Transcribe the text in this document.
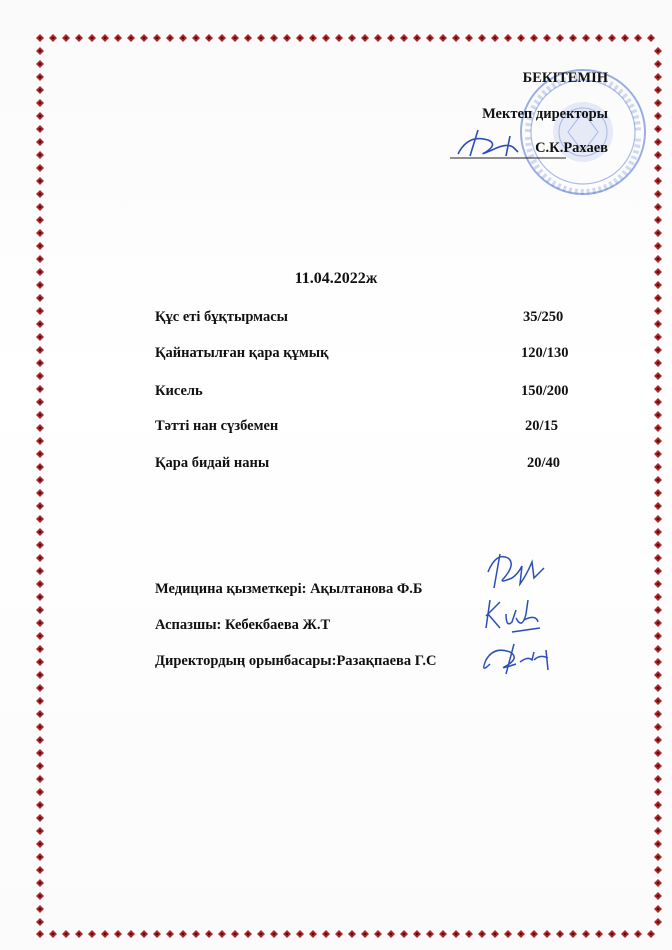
БЕКІТЕМІН
Мектеп директоры
С.К.Рахаев
11.04.2022ж
Құс еті бұқтырмасы	35/250
Қайнатылған қара құмық	120/130
Кисель	150/200
Тәтті нан сүзбемен	20/15
Қара бидай наны	20/40
Медицина қызметкері: Ақылтанова Ф.Б
Аспазшы: Кебекбаева Ж.Т
Директордың орынбасары:Разақпаева Г.С
